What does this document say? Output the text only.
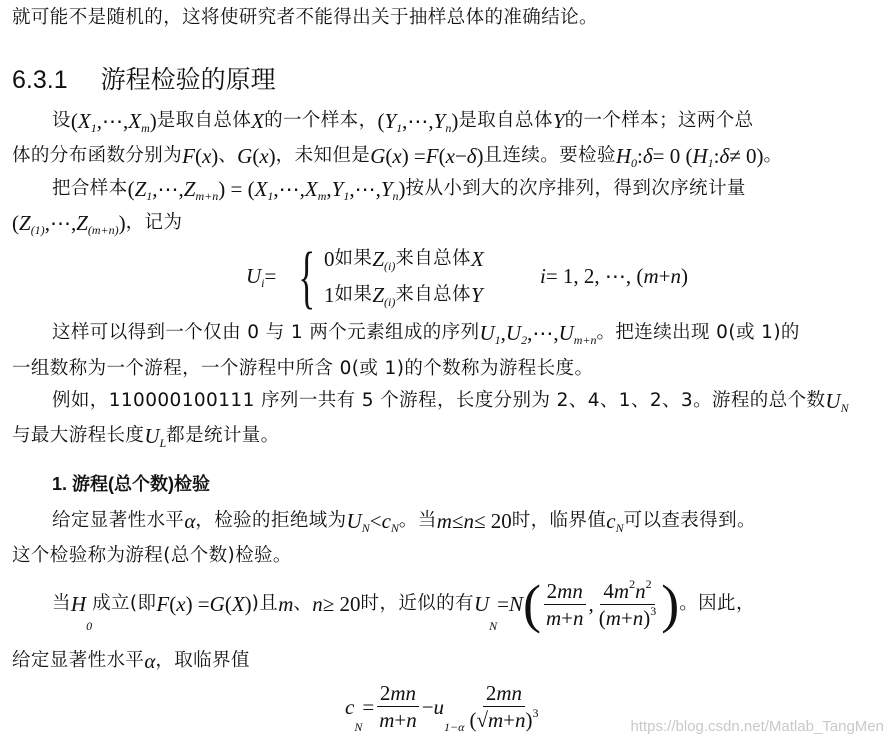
就可能不是随机的，这将使研究者不能得出关于抽样总体的准确结论。
6.3.1 游程检验的原理
设 ( X 1 ,⋯, X m ) 是取自总体 X 的一个样本， ( Y 1 ,⋯, Y n ) 是取自总体 Y 的一个样本；这两个总
体的分布函数分别为 F ( x ) 、 G ( x ) ，未知但是 G ( x ) = F ( x − δ ) 且连续。要检验 H 0 : δ = 0 ( H 1 : δ ≠ 0) 。
把合样本 ( Z 1 ,⋯, Z m+n ) = ( X 1 ,⋯, X m , Y 1 ,⋯, Y n ) 按从小到大的次序排列，得到次序统计量
( Z (1) ,⋯, Z (m+n) ) ，记为
U i = { 0 如果 Z (i) 来自总体 X
1 如果 Z (i) 来自总体 Y
i = 1, 2, ⋯, ( m + n )
这样可以得到一个仅由 0 与 1 两个元素组成的序列 U 1 , U 2 ,⋯, U m+n 。把连续出现 0(或 1)的
一组数称为一个游程，一个游程中所含 0(或 1)的个数称为游程长度。
例如，110000100111 序列一共有 5 个游程，长度分别为 2、4、1、2、3。游程的总个数 U N
与最大游程长度 U L 都是统计量。
1. 游程(总个数)检验
给定显著性水平 α ，检验的拒绝域为 U N < c N 。当 m ≤ n ≤ 20 时，临界值 c N 可以查表得到。
这个检验称为游程(总个数)检验。
当 H
0
成立(即 F ( x ) = G ( X ) )且 m 、 n ≥ 20 时，近似的有 U
N
= N ( $\frac{2 mn}{m + n}$ , $\frac{4 m 2 n 2}{( m + n ) 3}$ ) 。因此，
给定显著性水平 α ，取临界值
c
N
= $\frac{2 mn}{m + n} - u$
$1-\alpha \frac{2 mn}{(√ m + n ) 3}$	https://blog.csdn.net/Matlab_TangMen
